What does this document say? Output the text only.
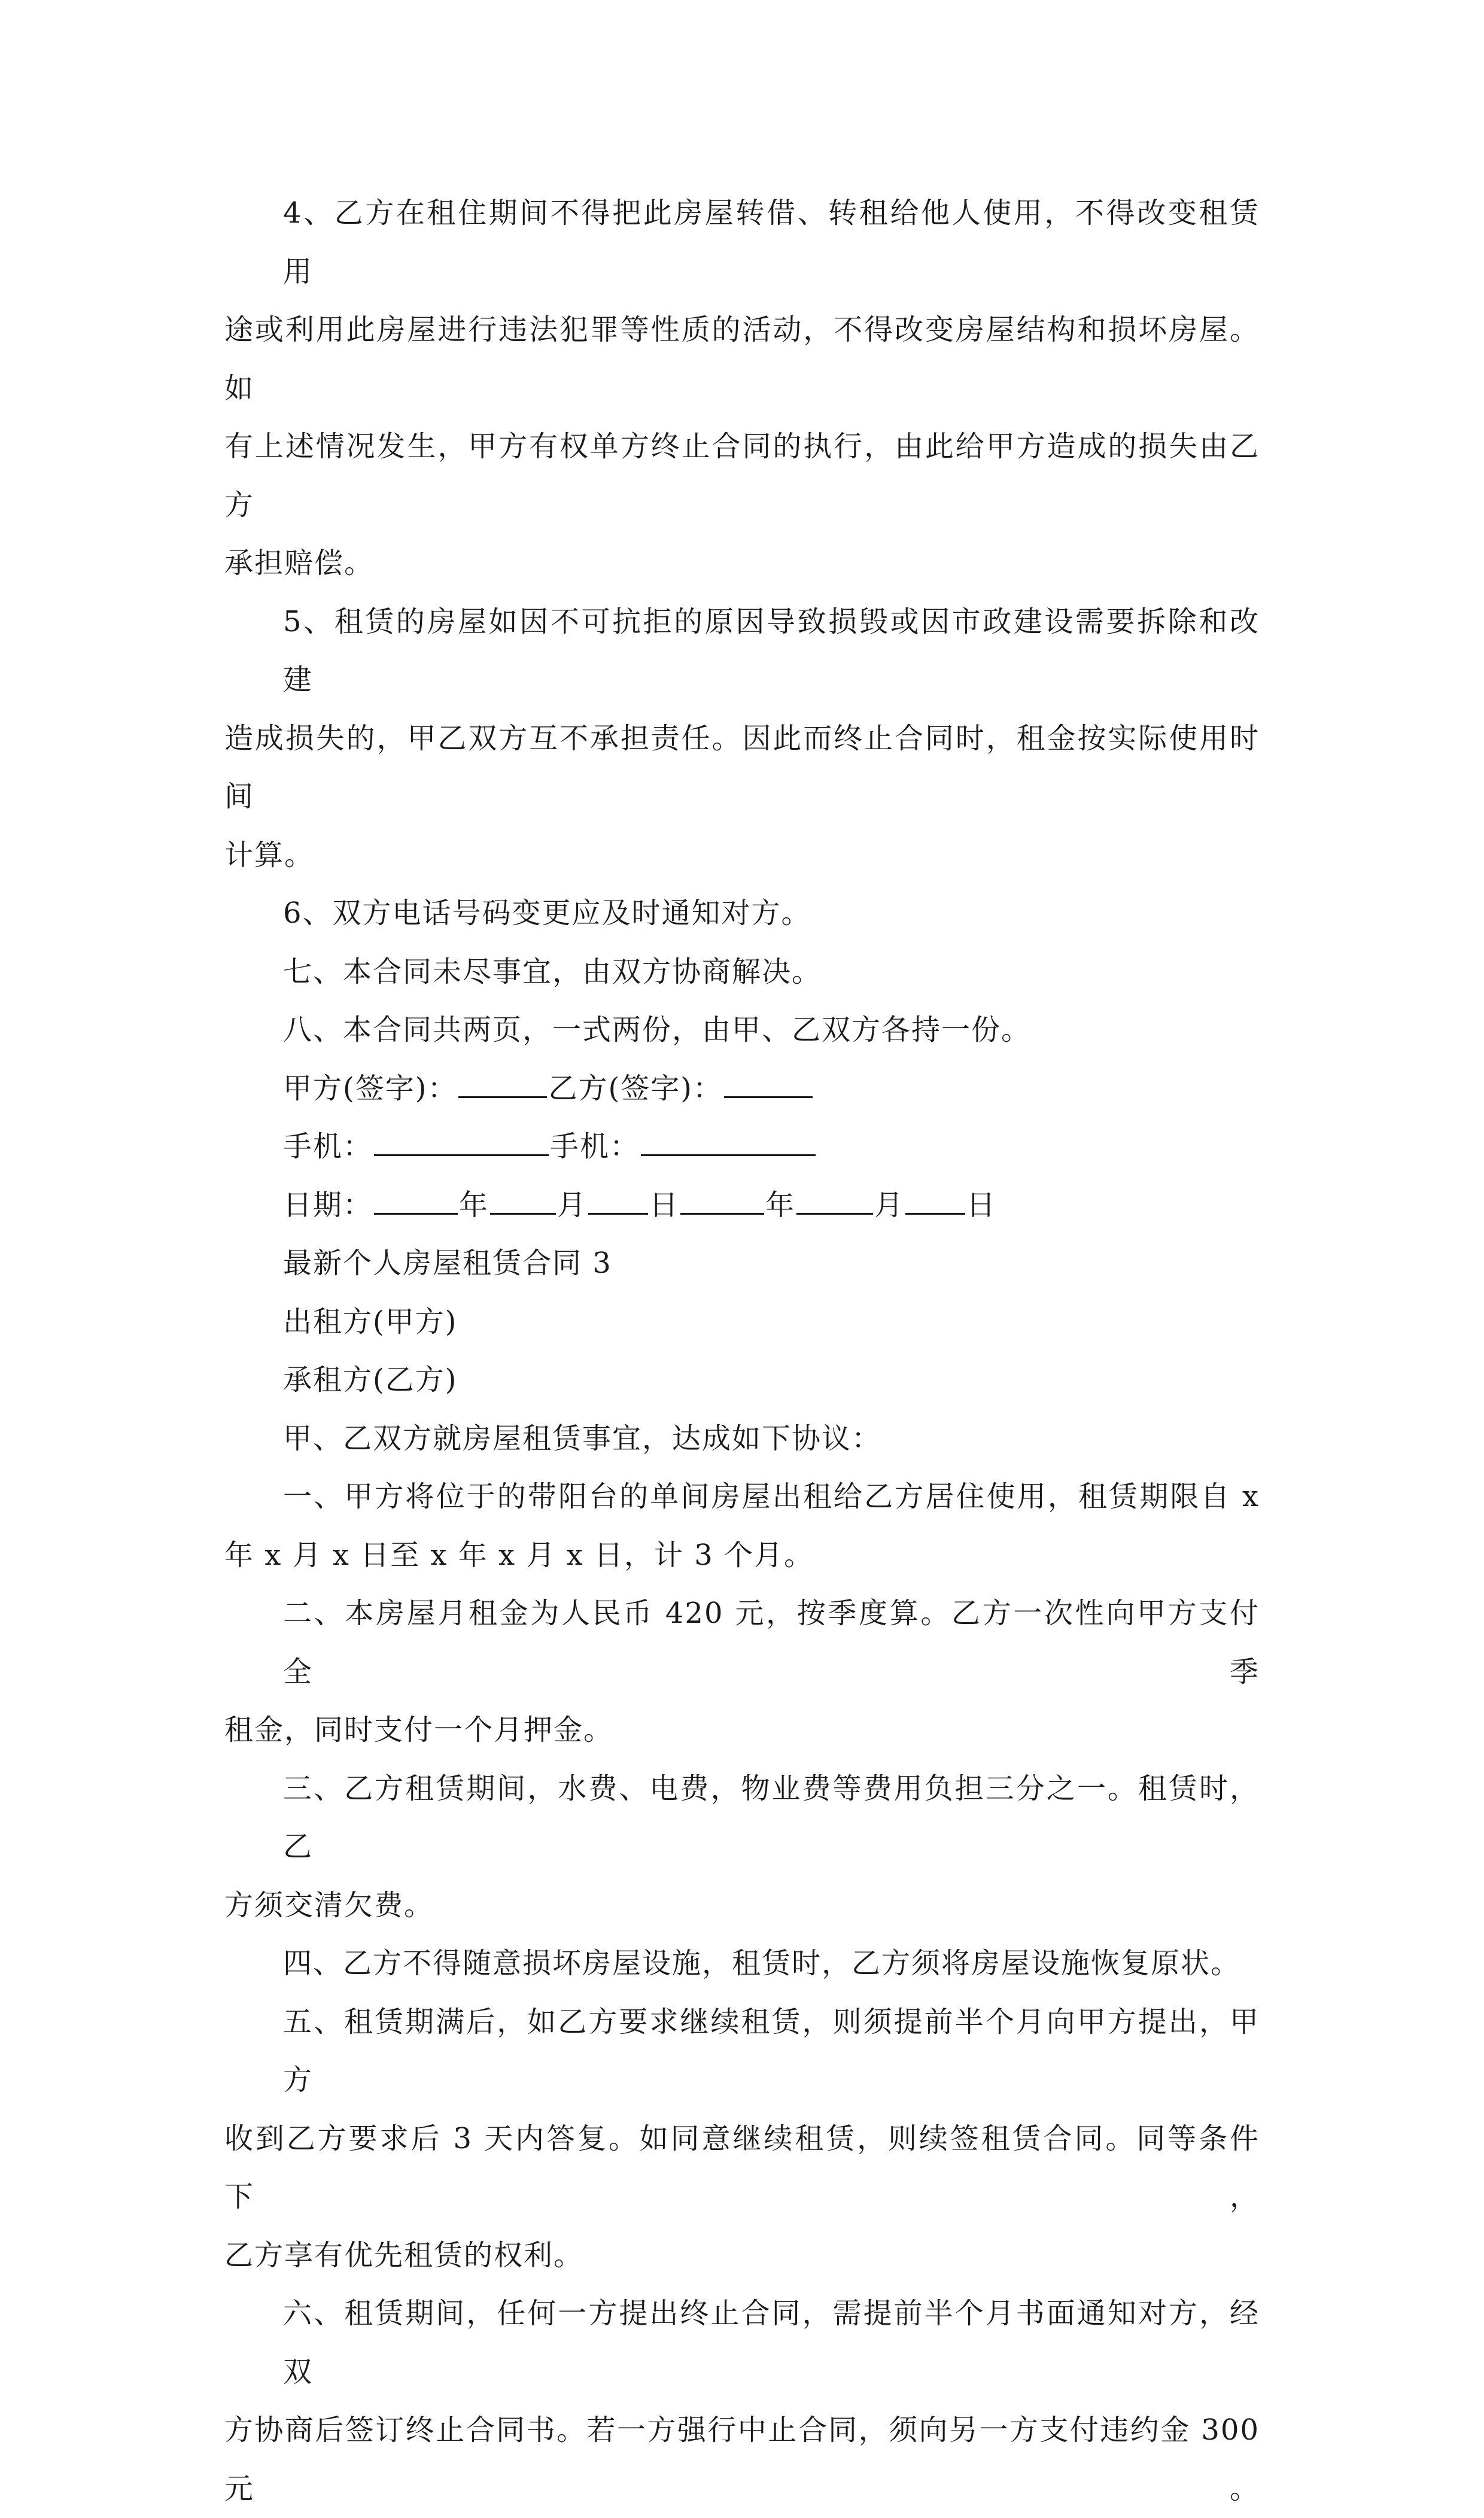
4、乙方在租住期间不得把此房屋转借、转租给他人使用，不得改变租赁用
途或利用此房屋进行违法犯罪等性质的活动，不得改变房屋结构和损坏房屋。如
有上述情况发生，甲方有权单方终止合同的执行，由此给甲方造成的损失由乙方
承担赔偿。
5、租赁的房屋如因不可抗拒的原因导致损毁或因市政建设需要拆除和改建
造成损失的，甲乙双方互不承担责任。因此而终止合同时，租金按实际使用时间
计算。

6、双方电话号码变更应及时通知对方。

七、本合同未尽事宜，由双方协商解决。

八、本合同共两页，一式两份，由甲、乙双方各持一份。

甲方(签字)：	乙方(签字)：

手机：	手机：

日期：	年 月 日	年	月 日

最新个人房屋租赁合同 3

出租方(甲方)

承租方(乙方)

甲、乙双方就房屋租赁事宜，达成如下协议：

一、甲方将位于的带阳台的单间房屋出租给乙方居住使用，租赁期限自 x
年 x 月 x 日至 x 年 x 月 x 日，计 3 个月。
二、本房屋月租金为人民币 420 元，按季度算。乙方一次性向甲方支付全季
租金，同时支付一个月押金。
三、乙方租赁期间，水费、电费，物业费等费用负担三分之一。租赁时，乙
方须交清欠费。

四、乙方不得随意损坏房屋设施，租赁时，乙方须将房屋设施恢复原状。

五、租赁期满后，如乙方要求继续租赁，则须提前半个月向甲方提出，甲方
收到乙方要求后 3 天内答复。如同意继续租赁，则续签租赁合同。同等条件下，
乙方享有优先租赁的权利。
六、租赁期间，任何一方提出终止合同，需提前半个月书面通知对方，经双
方协商后签订终止合同书。若一方强行中止合同，须向另一方支付违约金 300 元。
